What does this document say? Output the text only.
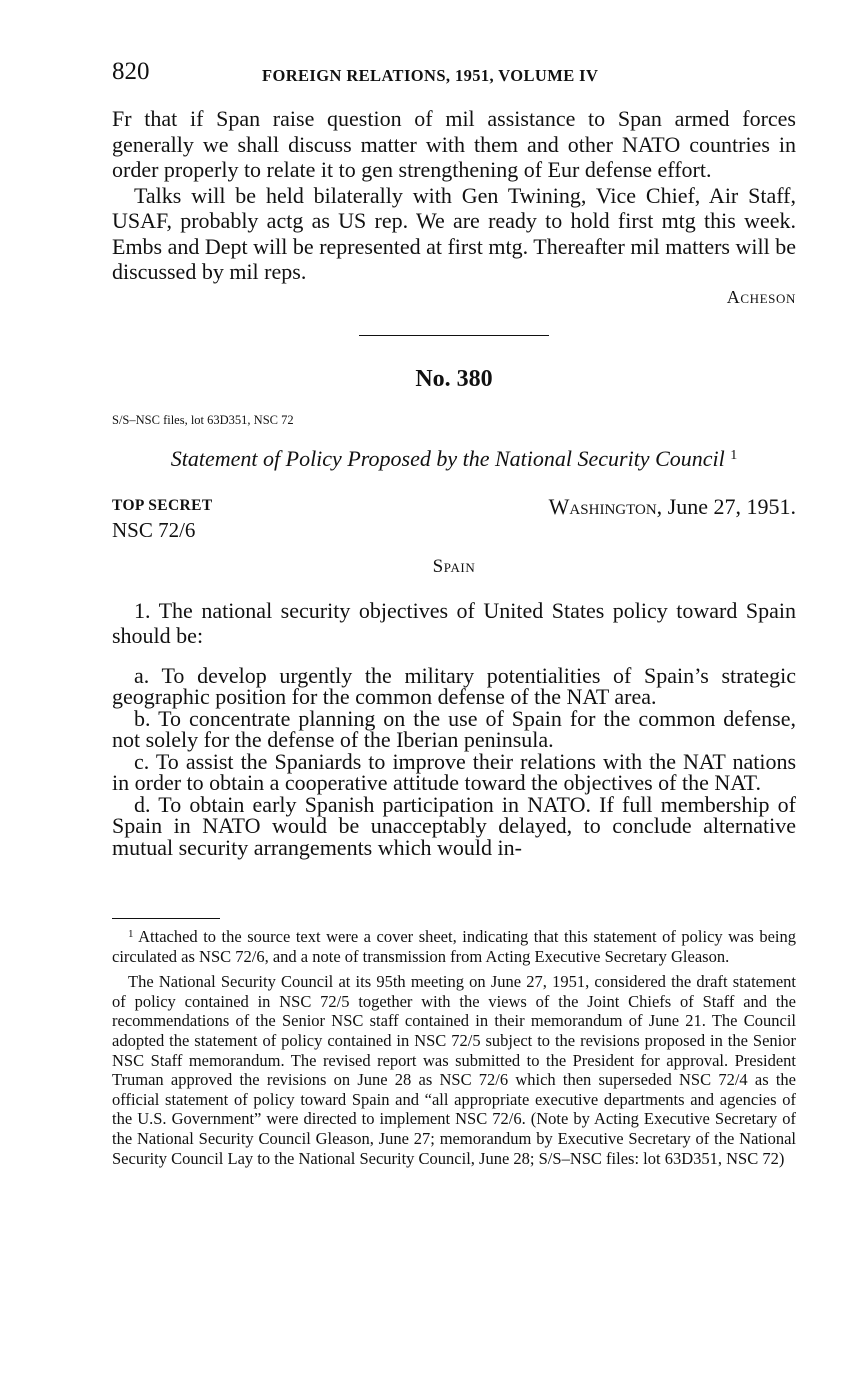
820	FOREIGN RELATIONS, 1951, VOLUME IV

Fr that if Span raise question of mil assistance to Span armed forces generally we shall discuss matter with them and other NATO countries in order properly to relate it to gen strengthening of Eur defense effort.

Talks will be held bilaterally with Gen Twining, Vice Chief, Air Staff, USAF, probably actg as US rep. We are ready to hold first mtg this week. Embs and Dept will be represented at first mtg. Thereafter mil matters will be discussed by mil reps.

Acheson
No. 380
S/S–NSC files, lot 63D351, NSC 72
Statement of Policy Proposed by the National Security Council $^1$
TOP SECRET
NSC 72/6
Washington, June 27, 1951.
Spain

1. The national security objectives of United States policy toward Spain should be:

a. To develop urgently the military potentialities of Spain’s strategic geographic position for the common defense of the NAT area.

b. To concentrate planning on the use of Spain for the common defense, not solely for the defense of the Iberian peninsula.

c. To assist the Spaniards to improve their relations with the NAT nations in order to obtain a cooperative attitude toward the objectives of the NAT.

d. To obtain early Spanish participation in NATO. If full membership of Spain in NATO would be unacceptably delayed, to conclude alternative mutual security arrangements which would in-

$^1$ Attached to the source text were a cover sheet, indicating that this statement of policy was being circulated as NSC 72/6, and a note of transmission from Acting Executive Secretary Gleason.

The National Security Council at its 95th meeting on June 27, 1951, considered the draft statement of policy contained in NSC 72/5 together with the views of the Joint Chiefs of Staff and the recommendations of the Senior NSC staff contained in their memorandum of June 21. The Council adopted the statement of policy contained in NSC 72/5 subject to the revisions proposed in the Senior NSC Staff memorandum. The revised report was submitted to the President for approval. President Truman approved the revisions on June 28 as NSC 72/6 which then superseded NSC 72/4 as the official statement of policy toward Spain and “all appropriate executive departments and agencies of the U.S. Government” were directed to implement NSC 72/6. (Note by Acting Executive Secretary of the National Security Council Gleason, June 27; memorandum by Executive Secretary of the National Security Council Lay to the National Security Council, June 28; S/S–NSC files: lot 63D351, NSC 72)
